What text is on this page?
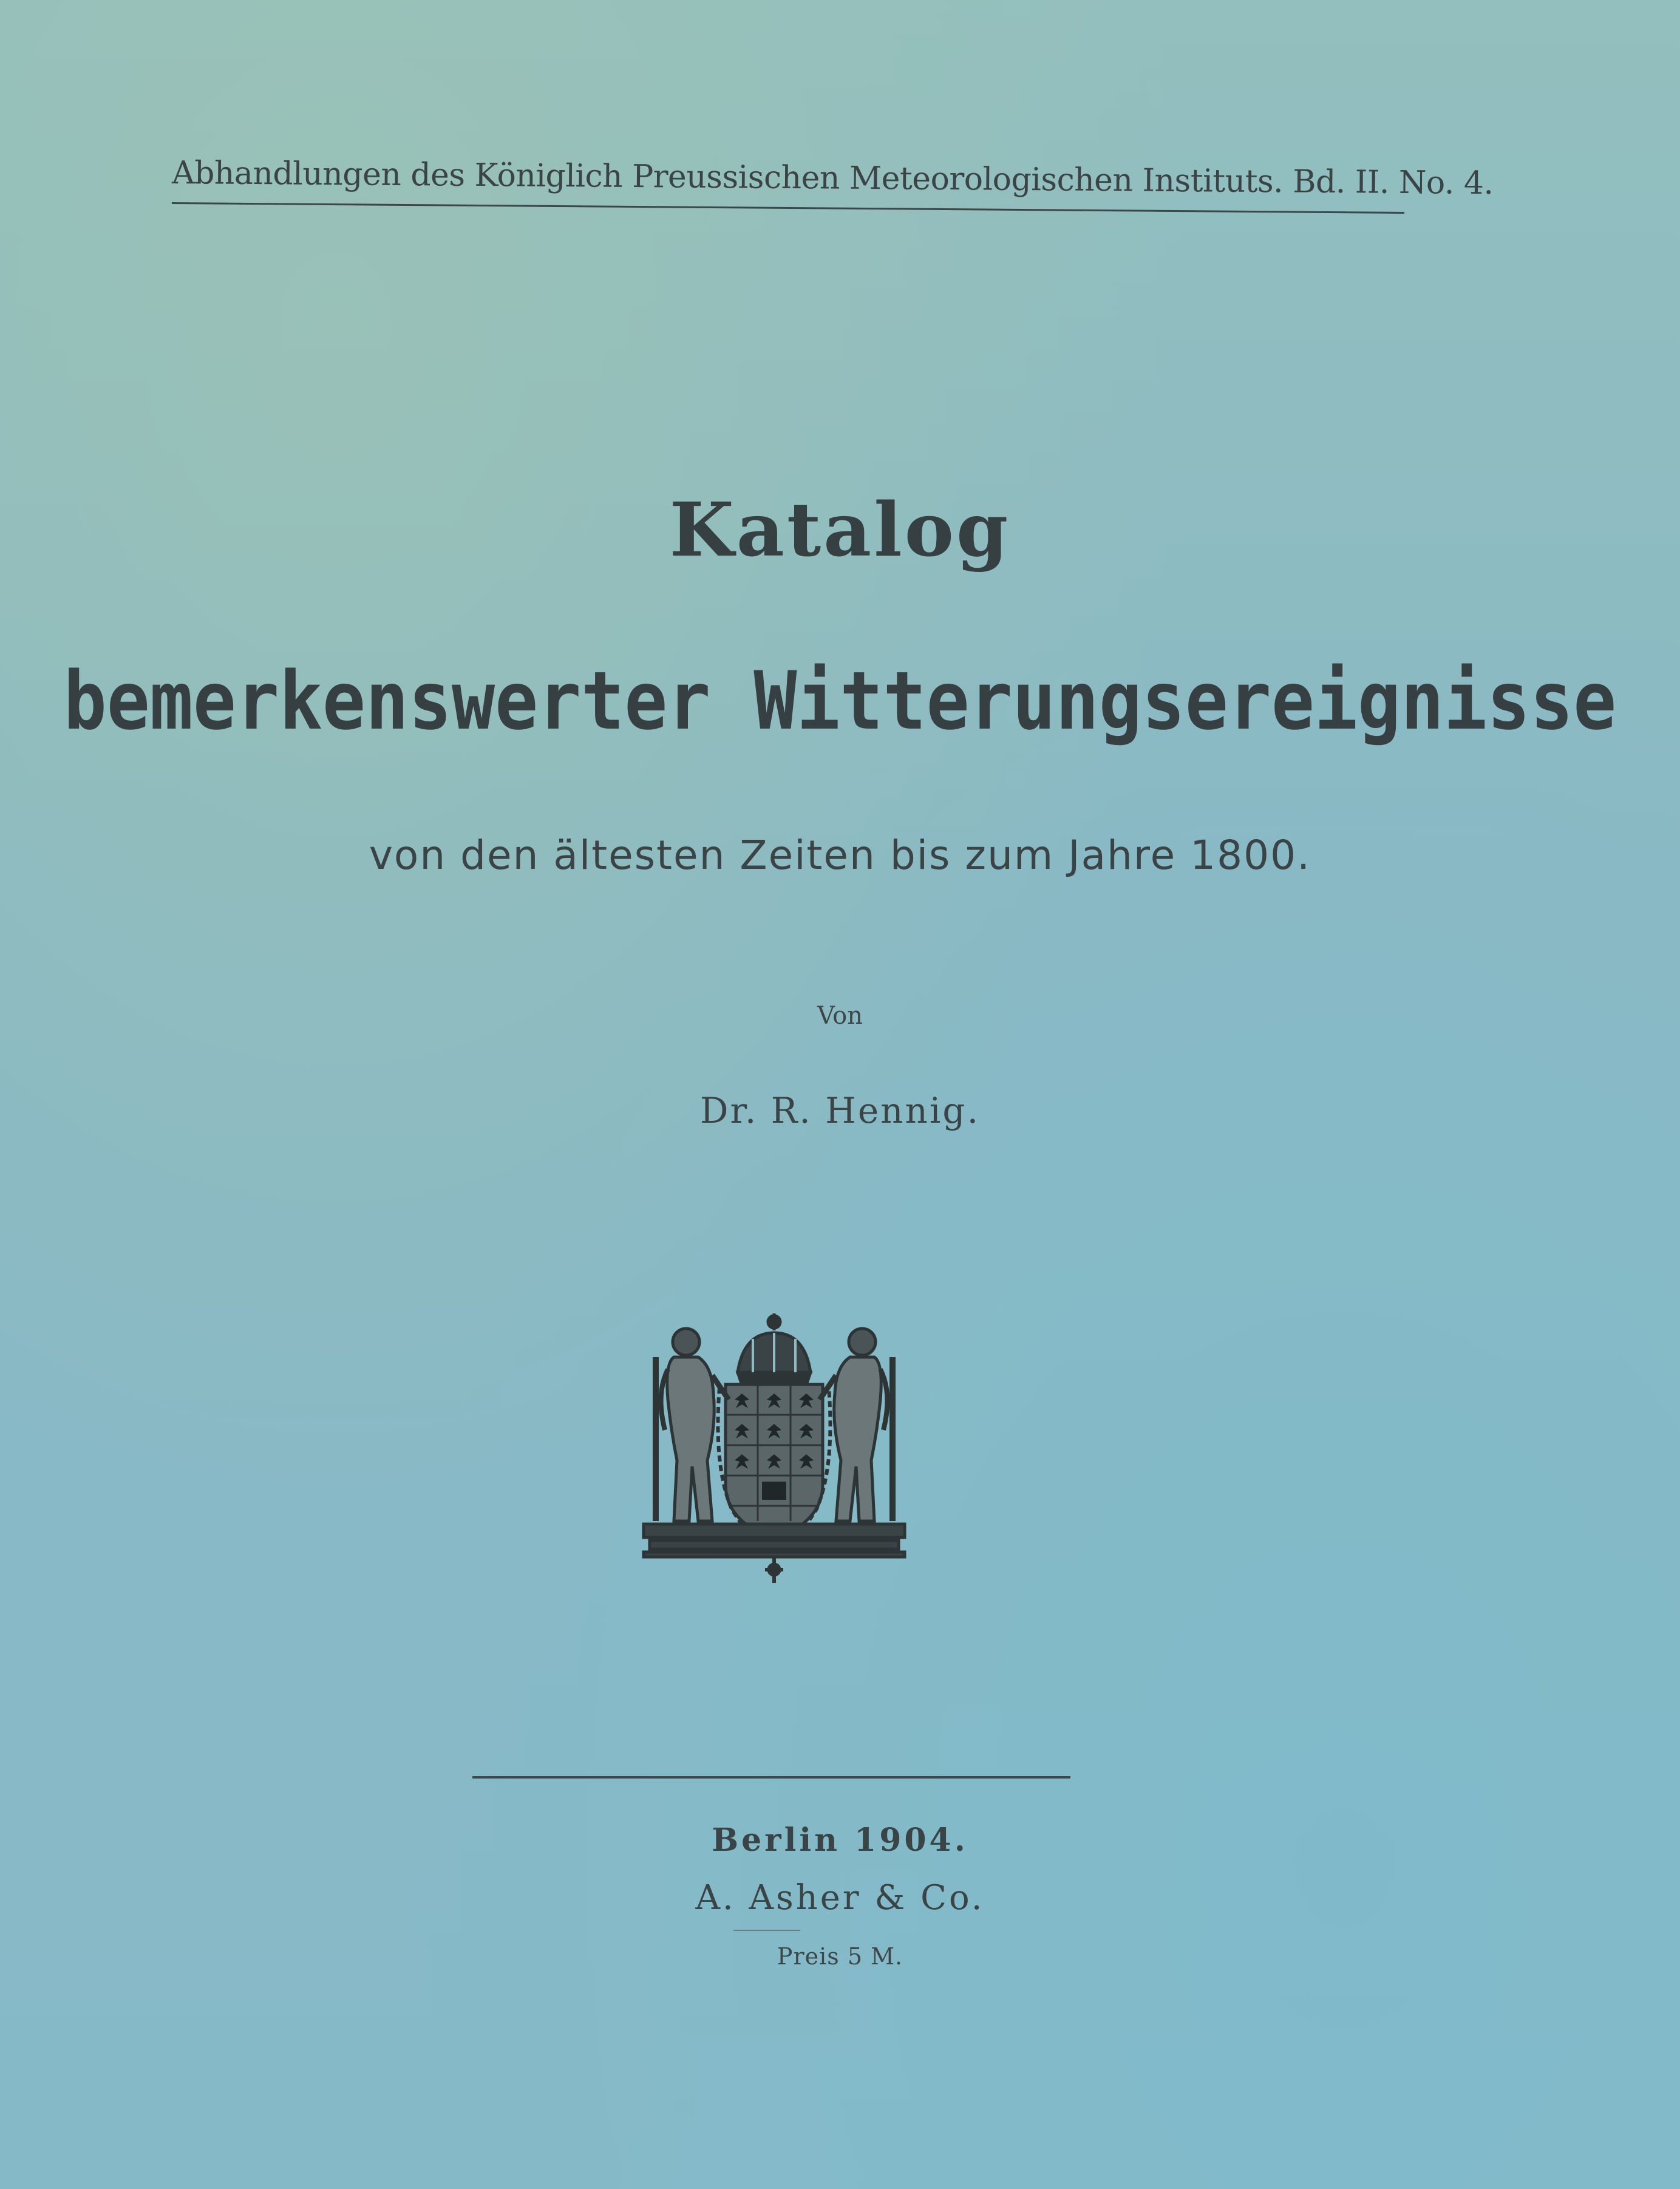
Abhandlungen des Königlich Preussischen Meteorologischen Instituts. Bd. II. No. 4.
Katalog
bemerkenswerter Witterungsereignisse
von den ältesten Zeiten bis zum Jahre 1800.
Von
Dr. R. Hennig.
Berlin 1904.
A. Asher & Co.
Preis 5 M.
